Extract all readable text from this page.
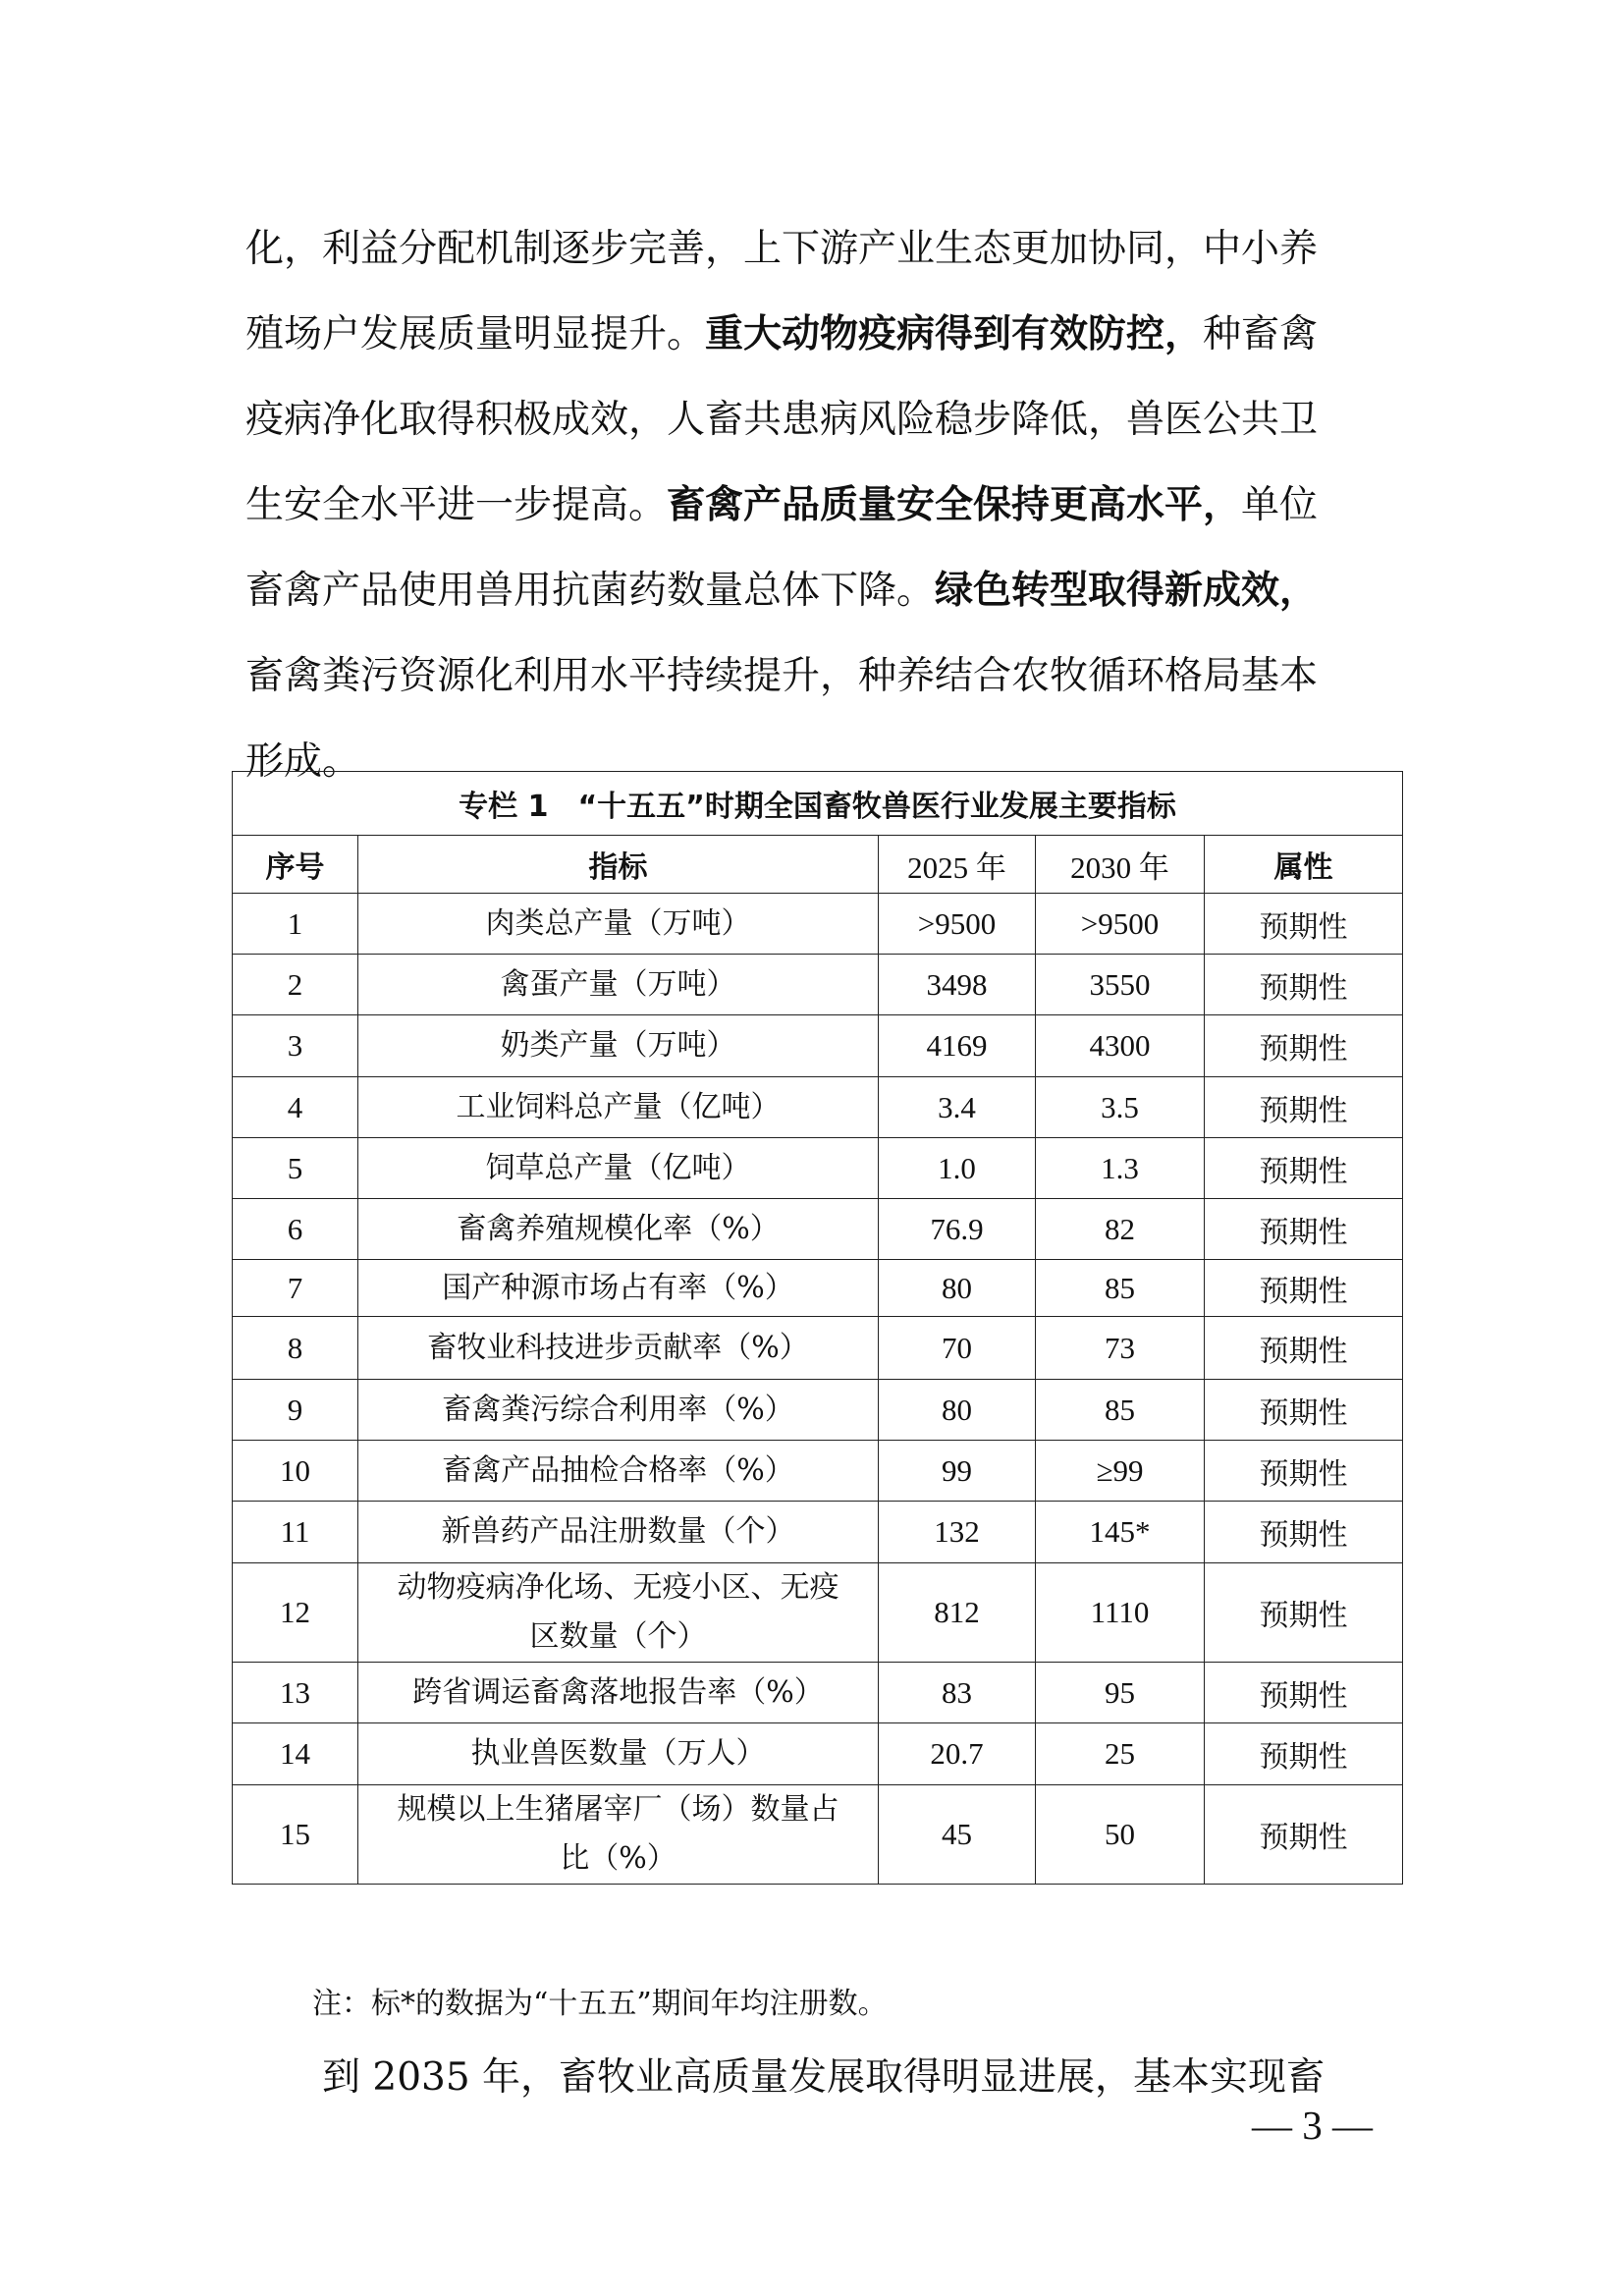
化，利益分配机制逐步完善，上下游产业生态更加协同，中小养
殖场户发展质量明显提升。重大动物疫病得到有效防控，种畜禽
疫病净化取得积极成效，人畜共患病风险稳步降低，兽医公共卫
生安全水平进一步提高。畜禽产品质量安全保持更高水平，单位
畜禽产品使用兽用抗菌药数量总体下降。绿色转型取得新成效，
畜禽粪污资源化利用水平持续提升，种养结合农牧循环格局基本
形成。
专栏 1　“十五五”时期全国畜牧兽医行业发展主要指标				
序号	指标	2025 年	2030 年	属性
1	肉类总产量（万吨）	>9500	>9500	预期性
2	禽蛋产量（万吨）	3498	3550	预期性
3	奶类产量（万吨）	4169	4300	预期性
4	工业饲料总产量（亿吨）	3.4	3.5	预期性
5	饲草总产量（亿吨）	1.0	1.3	预期性
6	畜禽养殖规模化率（%）	76.9	82	预期性
7	国产种源市场占有率（%）	80	85	预期性
8	畜牧业科技进步贡献率（%）	70	73	预期性
9	畜禽粪污综合利用率（%）	80	85	预期性
10	畜禽产品抽检合格率（%）	99	≥99	预期性
11	新兽药产品注册数量（个）	132	145*	预期性
12	动物疫病净化场、无疫小区、无疫区数量（个）	812	1110	预期性
13	跨省调运畜禽落地报告率（%）	83	95	预期性
14	执业兽医数量（万人）	20.7	25	预期性
15	规模以上生猪屠宰厂（场）数量占比（%）	45	50	预期性

注：标*的数据为“十五五”期间年均注册数。

到 2035 年，畜牧业高质量发展取得明显进展，基本实现畜

— 3 —
